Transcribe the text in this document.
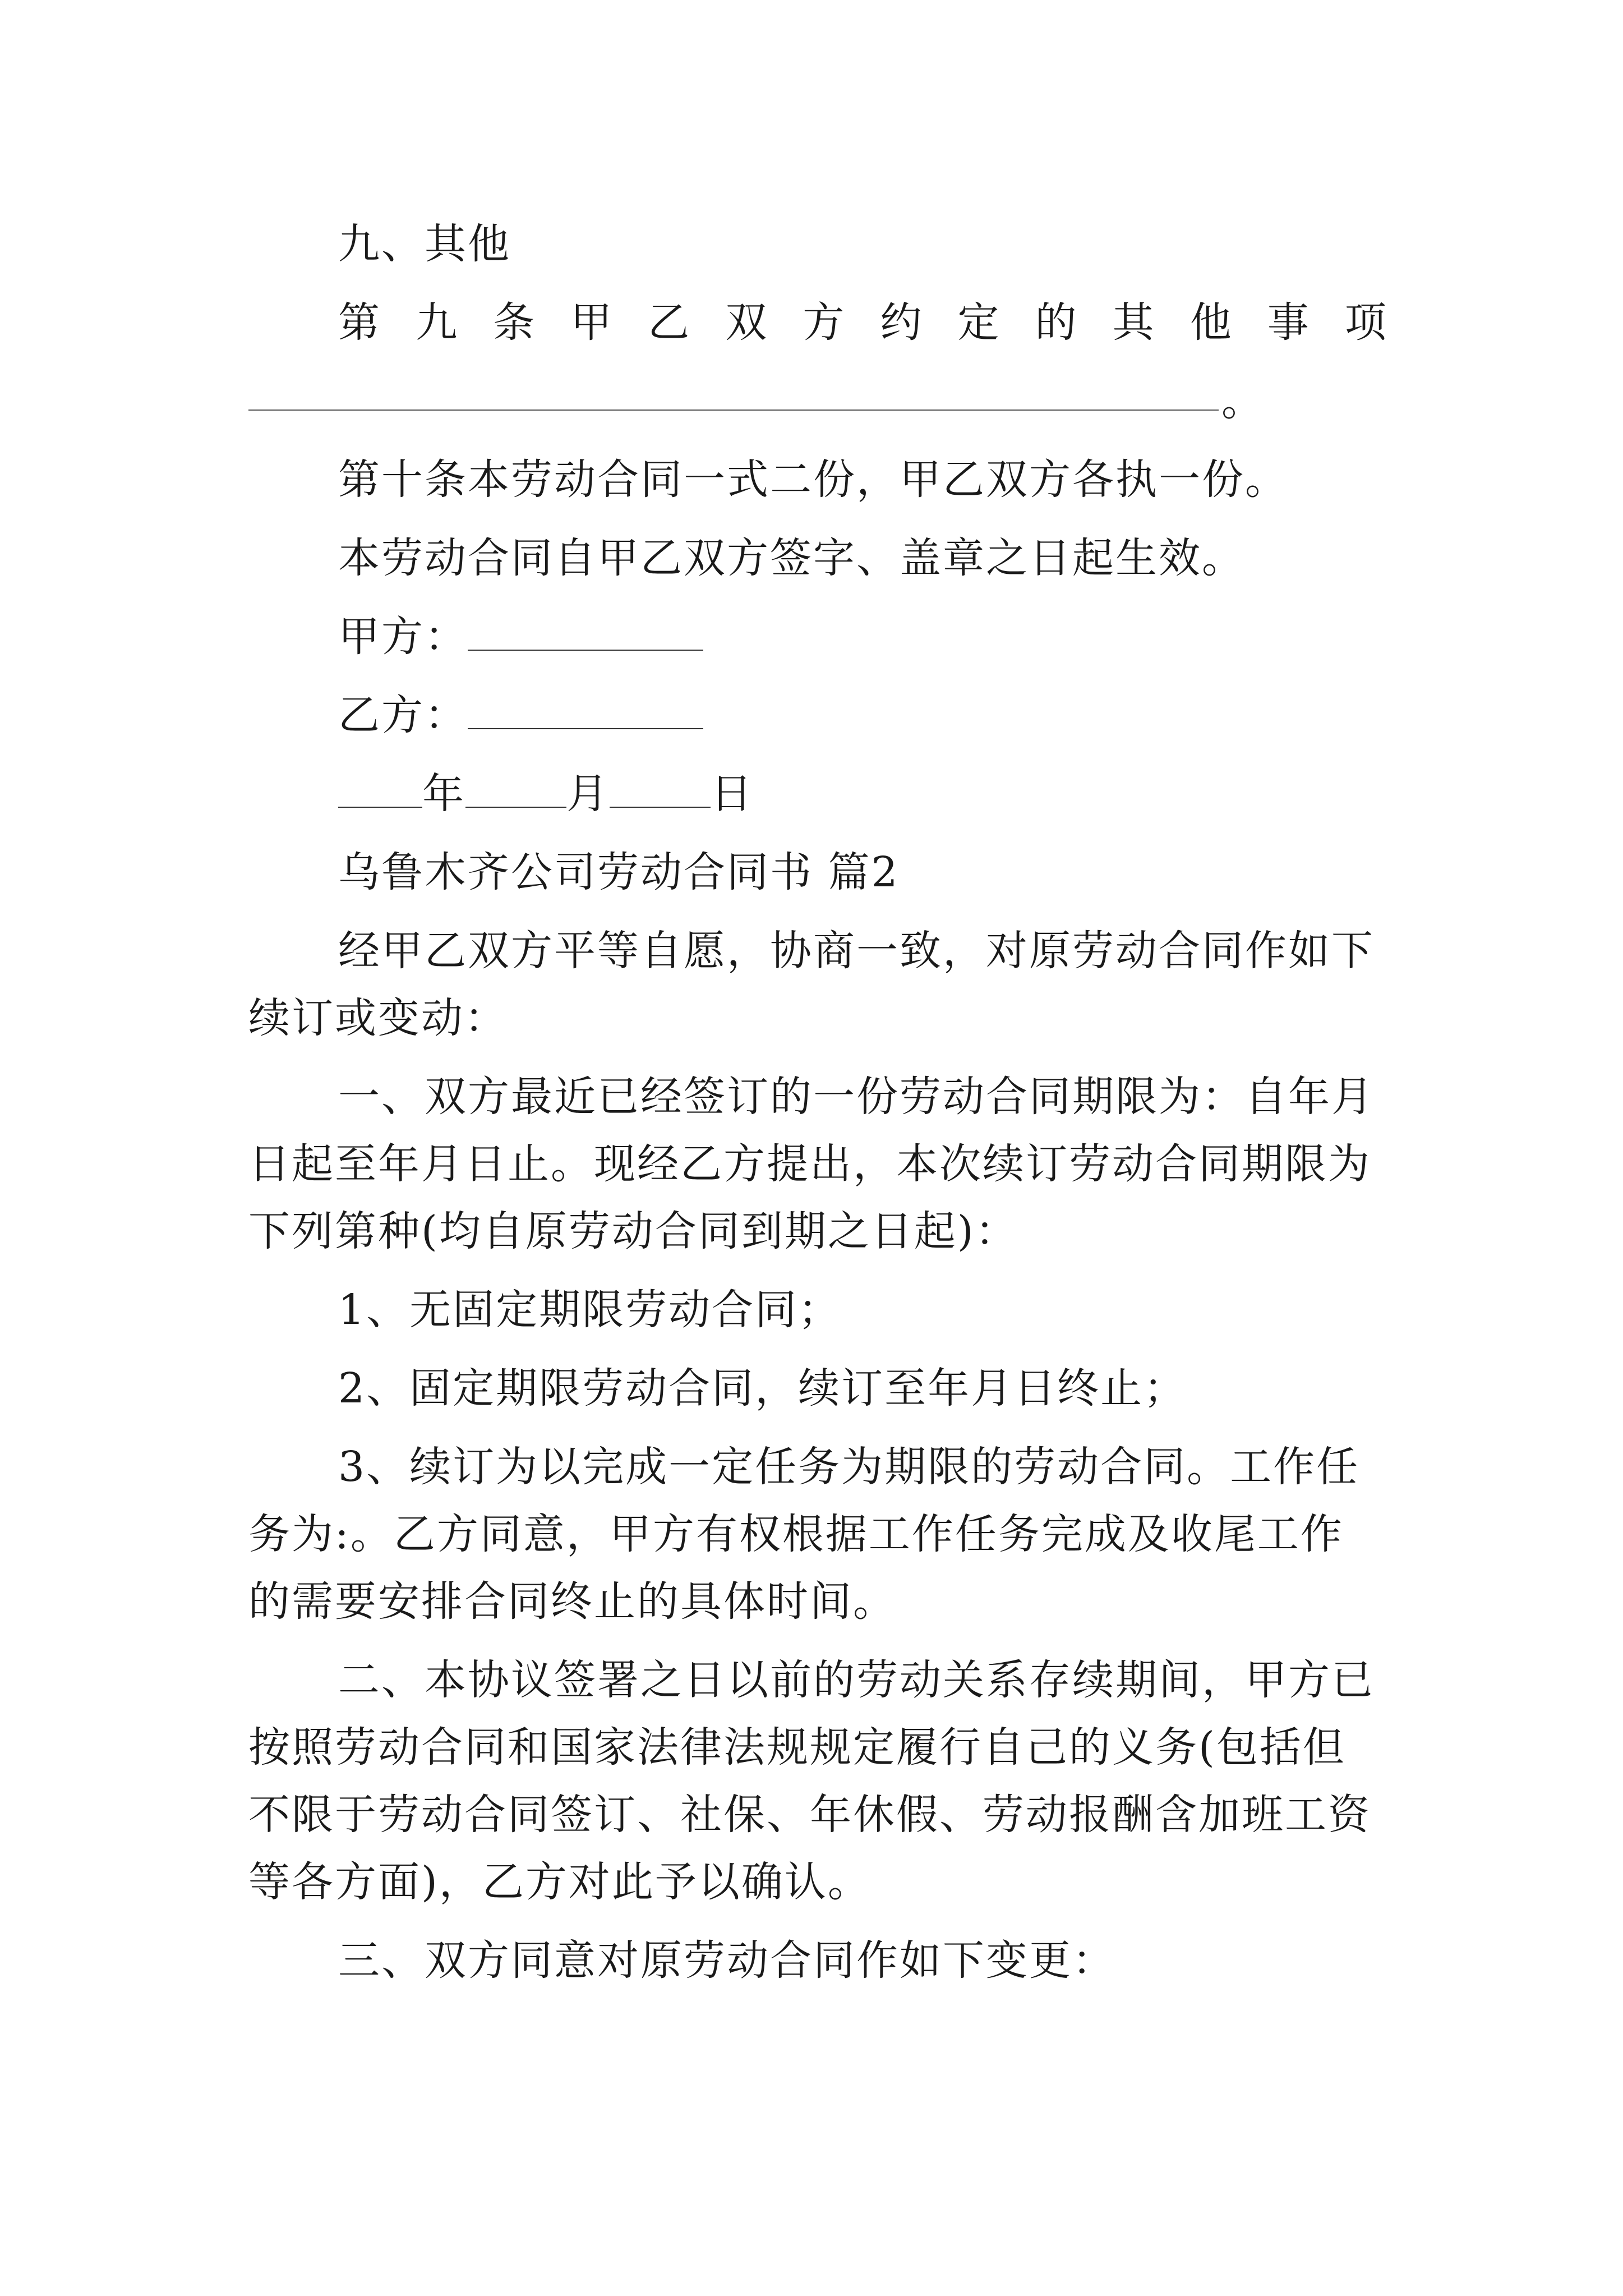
九、其他
第 九 条 甲 乙 双 方 约 定 的 其 他 事 项
。
第十条本劳动合同一式二份，甲乙双方各执一份。
本劳动合同自甲乙双方签字、盖章之日起生效。
甲方：
乙方：
年 月 日
乌鲁木齐公司劳动合同书 篇2
经甲乙双方平等自愿，协商一致，对原劳动合同作如下
续订或变动：
一、双方最近已经签订的一份劳动合同期限为：自年月
日起至年月日止。现经乙方提出，本次续订劳动合同期限为
下列第种(均自原劳动合同到期之日起)：
1、无固定期限劳动合同；
2、固定期限劳动合同，续订至年月日终止；
3、续订为以完成一定任务为期限的劳动合同。工作任
务为:。乙方同意，甲方有权根据工作任务完成及收尾工作
的需要安排合同终止的具体时间。
二、本协议签署之日以前的劳动关系存续期间，甲方已
按照劳动合同和国家法律法规规定履行自己的义务(包括但
不限于劳动合同签订、社保、年休假、劳动报酬含加班工资
等各方面)，乙方对此予以确认。
三、双方同意对原劳动合同作如下变更：
